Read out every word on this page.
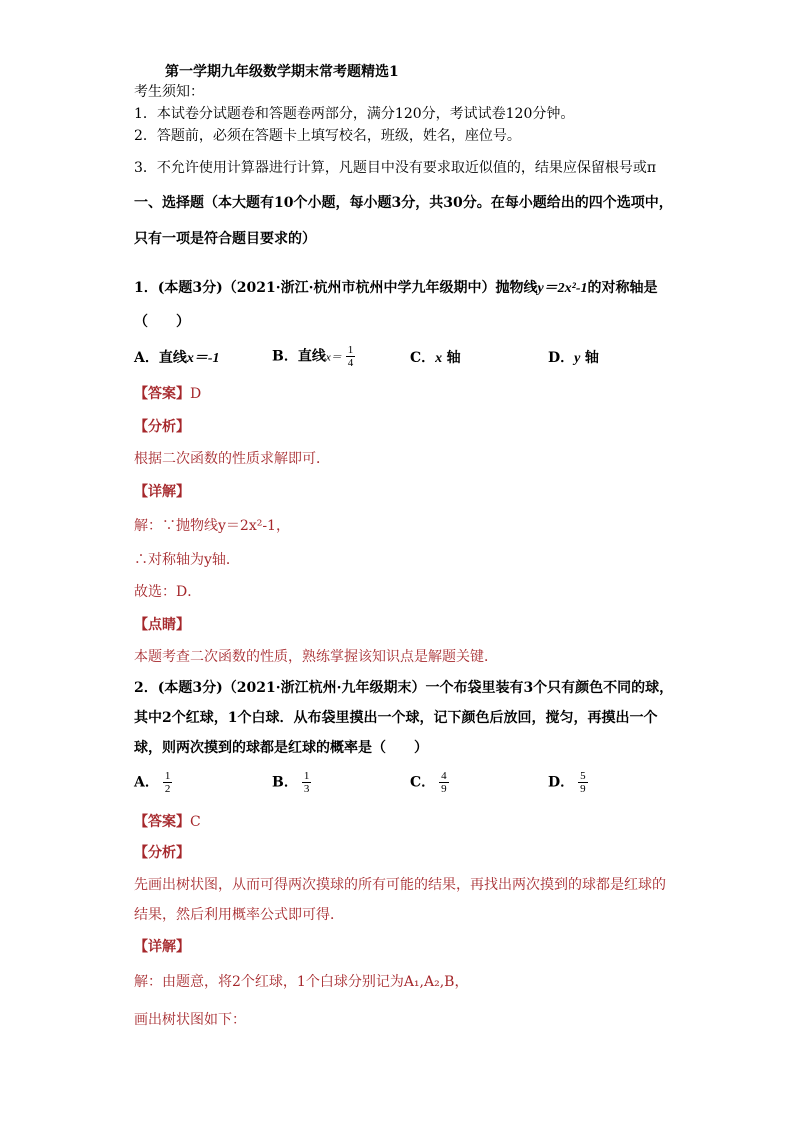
第一学期九年级数学期末常考题精选1
考生须知：
1．本试卷分试题卷和答题卷两部分，满分120分，考试试卷120分钟。
2．答题前，必须在答题卡上填写校名，班级，姓名，座位号。
3．不允许使用计算器进行计算，凡题目中没有要求取近似值的，结果应保留根号或π
一、选择题（本大题有10个小题，每小题3分，共30分。在每小题给出的四个选项中，
只有一项是符合题目要求的）
1．(本题3分)（2021·浙江·杭州市杭州中学九年级期中）抛物线y＝2x²-1的对称轴是
（　　）
A．直线x＝-1	B．直线$x= \frac{1}{4}$	C．x 轴	D．y 轴
【答案】D
【分析】
根据二次函数的性质求解即可．
【详解】
解：∵抛物线y＝2x²-1，
∴对称轴为y轴．
故选：D．
【点睛】
本题考查二次函数的性质，熟练掌握该知识点是解题关键．
2．(本题3分)（2021·浙江杭州·九年级期末）一个布袋里装有3个只有颜色不同的球，
其中2个红球，1个白球．从布袋里摸出一个球，记下颜色后放回，搅匀，再摸出一个
球，则两次摸到的球都是红球的概率是（　　）
A． $\frac{1}{2}$	B． $\frac{1}{3}$	C． $\frac{4}{9}$	D． $\frac{5}{9}$
【答案】C
【分析】
先画出树状图，从而可得两次摸球的所有可能的结果，再找出两次摸到的球都是红球的
结果，然后利用概率公式即可得．
【详解】
解：由题意，将2个红球，1个白球分别记为A₁,A₂,B，
画出树状图如下：
